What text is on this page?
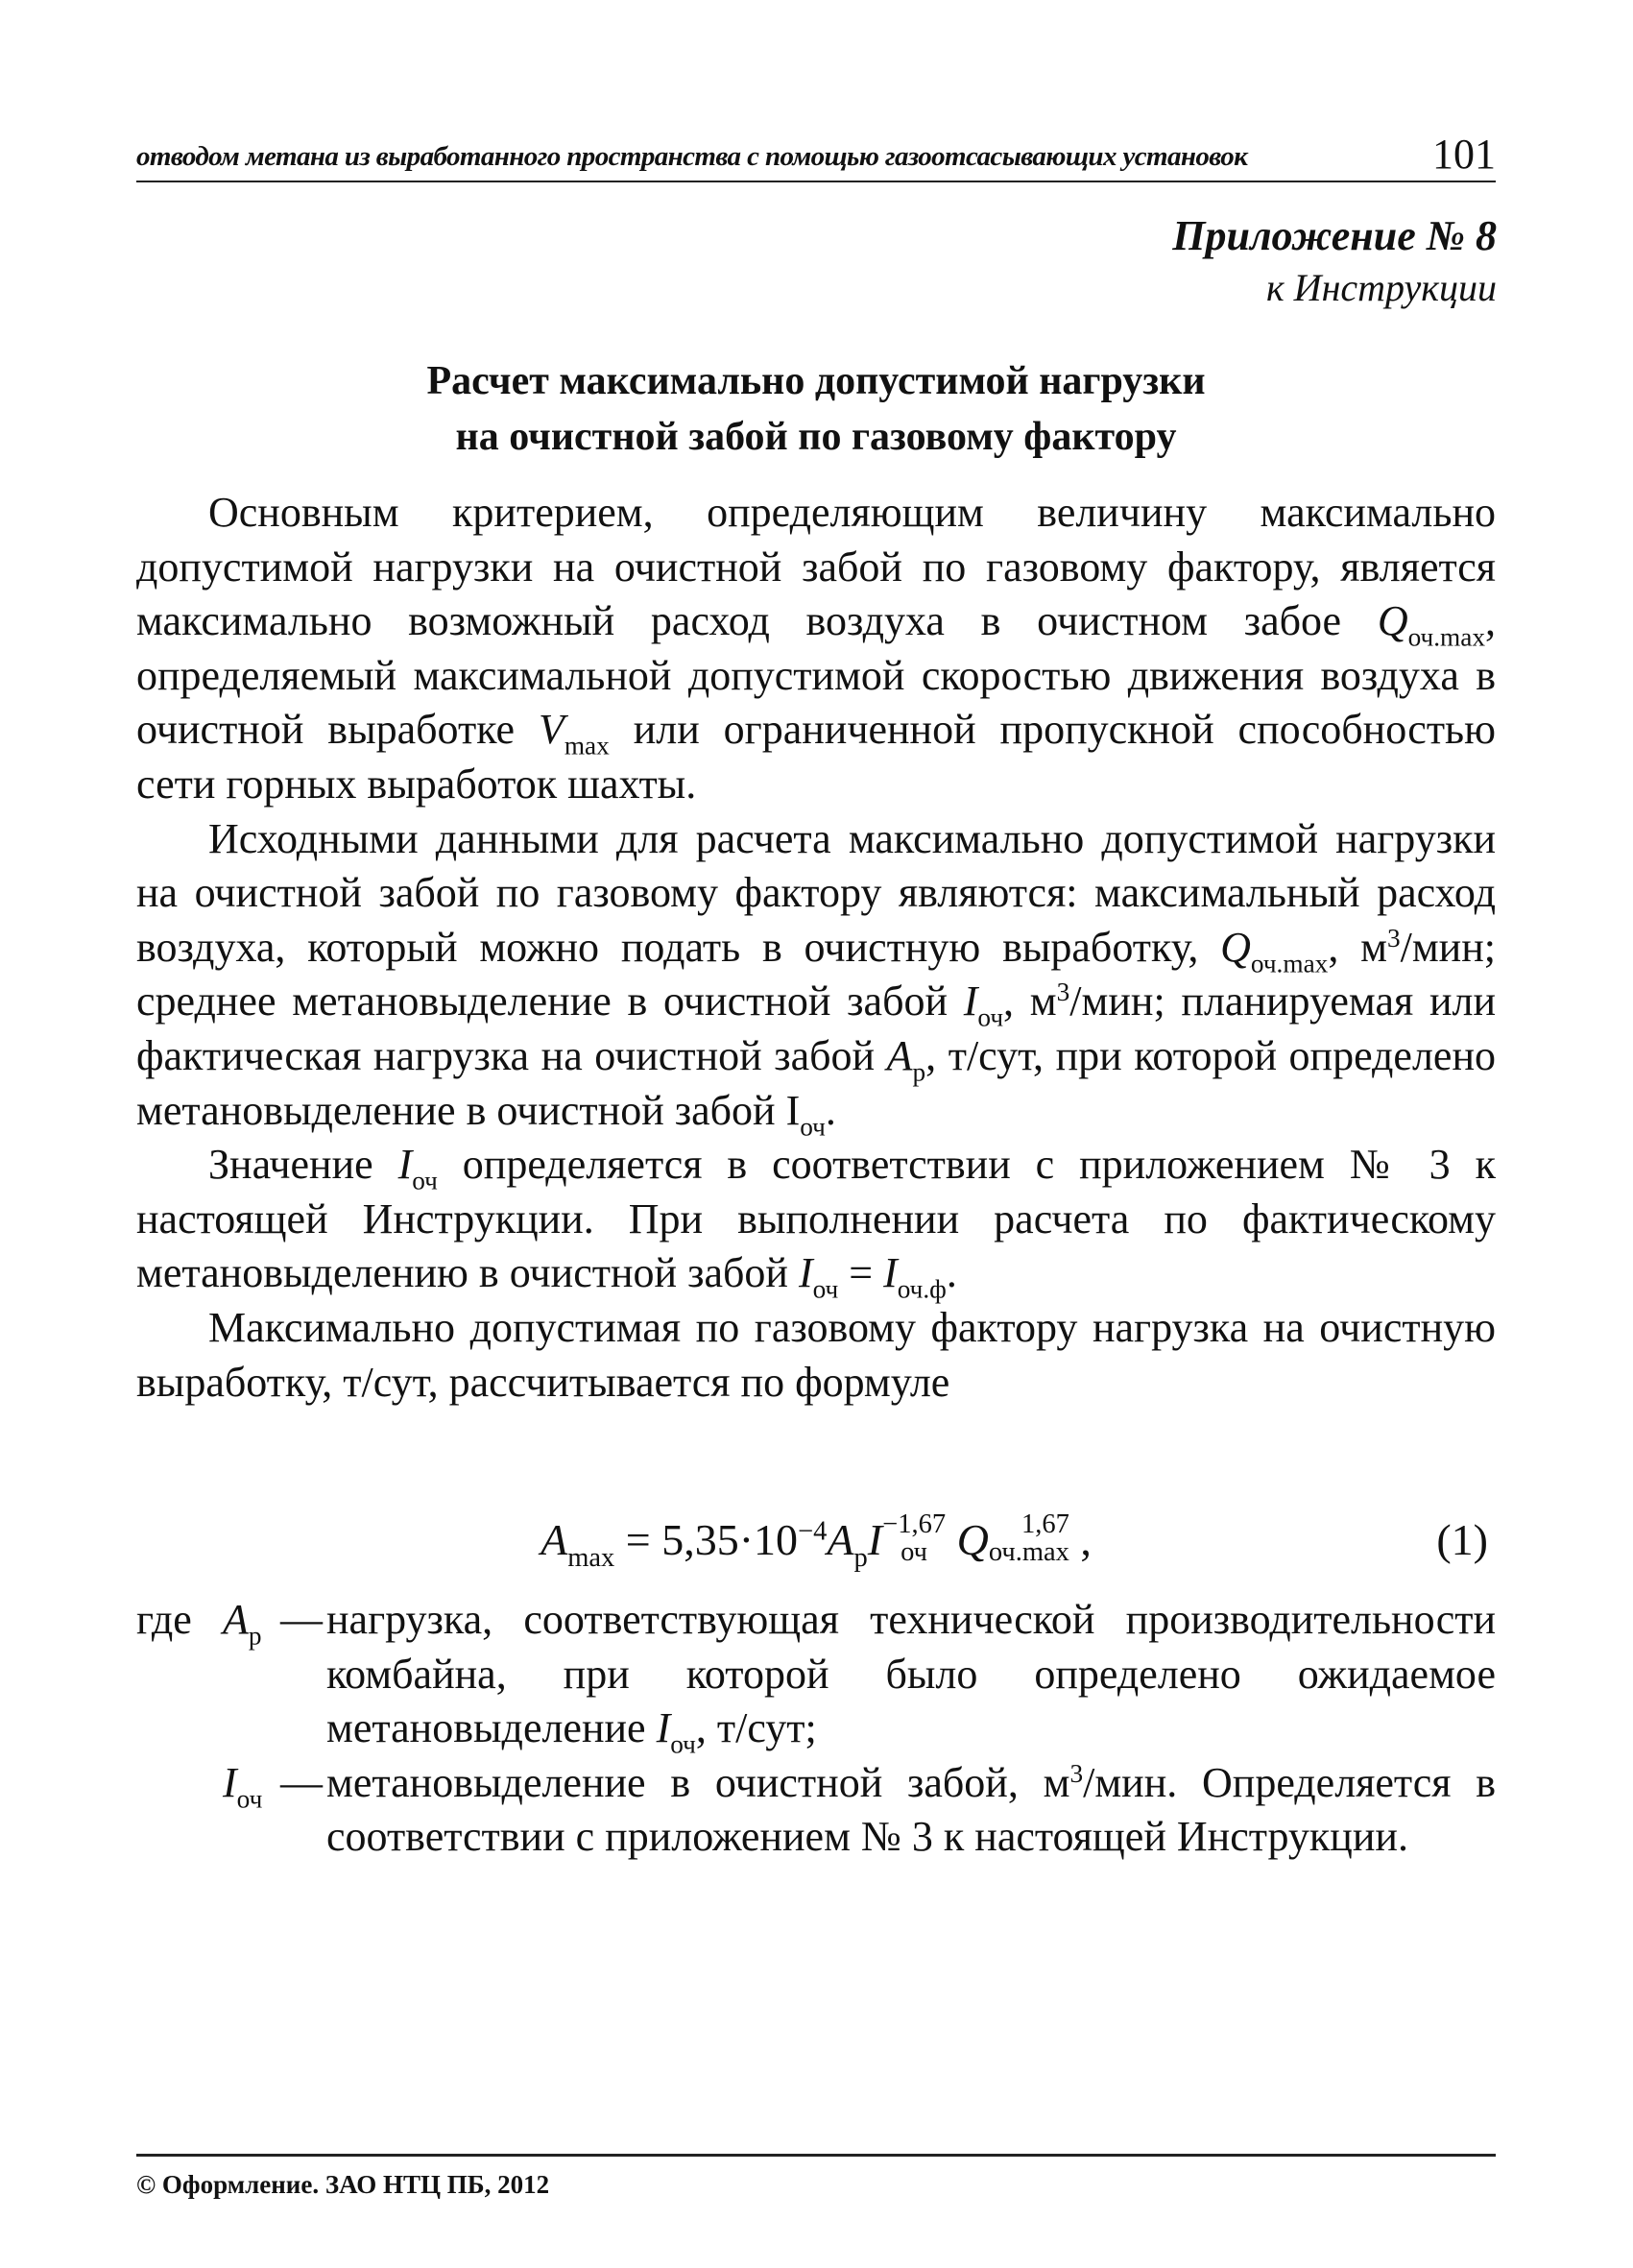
отводом метана из выработанного пространства с помощью газоотсасывающих установок	101
Приложение № 8
к Инструкции
Расчет максимально допустимой нагрузки
на очистной забой по газовому фактору

Основным критерием, определяющим величину максимально допустимой нагрузки на очистной забой по газовому фактору, является максимально возможный расход воздуха в очистном забое $Q_{оч.max}$, определяемый максимальной допустимой скоростью движения воздуха в очистной выработке $V_{max}$ или ограниченной пропускной способностью сети горных выработок шахты.

Исходными данными для расчета максимально допустимой нагрузки на очистной забой по газовому фактору являются: максимальный расход воздуха, который можно подать в очистную выработку, $Q_{оч.max}$, $м^3$/мин; среднее метановыделение в очистной забой $I_{оч}$, $м^3$/мин; планируемая или фактическая нагрузка на очистной забой $А_р$, т/сут, при которой определено метановыделение в очистной забой $I_{оч}$.

Значение $I_{оч}$ определяется в соответствии с приложением № 3 к настоящей Инструкции. При выполнении расчета по фактическому метановыделению в очистной забой $I_{оч} = I_{оч.ф}$.

Максимально допустимая по газовому фактору нагрузка на очистную выработку, т/сут, рассчитывается по формуле

$A_{max} = 5,35\cdot 10^{-4}A_рI -1,67$
оч Q	1,67
оч.max ,	(1)
где $А_р$ — нагрузка, соответствующая технической производительности комбайна, при которой было определено ожидаемое метановыделение $I_{оч}$, т/сут;
$I_{оч}$ — метановыделение в очистной забой, $м^3$/мин. Определяется в соответствии с приложением № 3 к настоящей Инструкции.
© Оформление. ЗАО НТЦ ПБ, 2012
